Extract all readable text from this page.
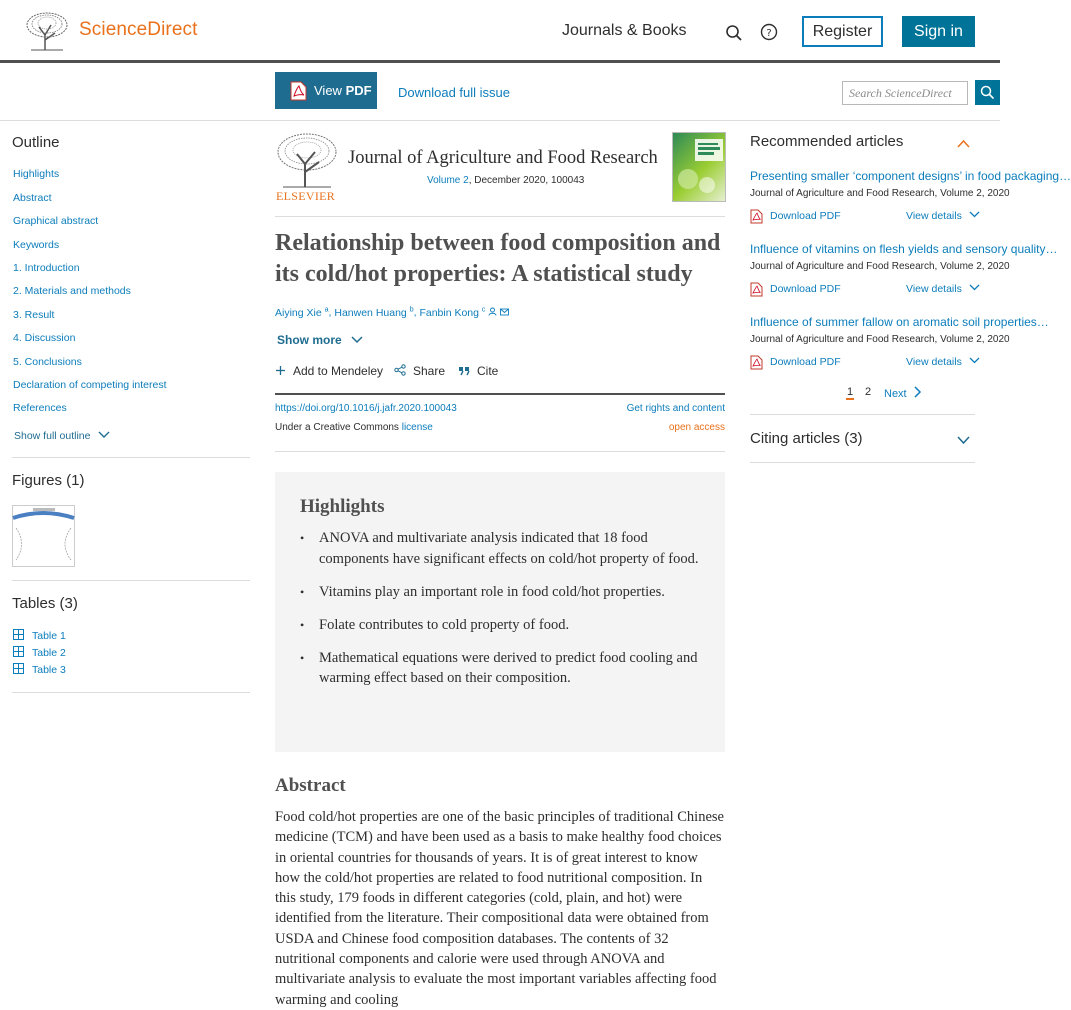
ScienceDirect	Journals & Books	?	Register	Sign in
View PDF Download full issue	Search ScienceDirect
Outline
Highlights
Abstract
Graphical abstract
Keywords
1. Introduction
2. Materials and methods
3. Result
4. Discussion
5. Conclusions
Declaration of competing interest
References
Show full outline
Figures (1)
Tables (3)
Table 1
Table 2
Table 3
ELSEVIER
Journal of Agriculture and Food Research
Volume 2, December 2020, 100043
Relationship between food composition and its cold/hot properties: A statistical study
Aiying Xie $^a$, Hanwen Huang $^b$, Fanbin Kong $^c$
Show more
Add to Mendeley	Share	Cite
https://doi.org/10.1016/j.jafr.2020.100043
Under a Creative Commons license
Get rights and content
open access
Highlights
• ANOVA and multivariate analysis indicated that 18 food components have significant effects on cold/hot property of food.
• Vitamins play an important role in food cold/hot properties.
• Folate contributes to cold property of food.
• Mathematical equations were derived to predict food cooling and warming effect based on their composition.
Abstract

Food cold/hot properties are one of the basic principles of traditional Chinese medicine (TCM) and have been used as a basis to make healthy food choices in oriental countries for thousands of years. It is of great interest to know how the cold/hot properties are related to food nutritional composition. In this study, 179 foods in different categories (cold, plain, and hot) were identified from the literature. Their compositional data were obtained from USDA and Chinese food composition databases. The contents of 32 nutritional components and calorie were used through ANOVA and multivariate analysis to evaluate the most important variables affecting food warming and cooling

Recommended articles
Presenting smaller ‘component designs’ in food packaging…
Journal of Agriculture and Food Research, Volume 2, 2020
Download PDF	View details
Influence of vitamins on flesh yields and sensory quality…
Journal of Agriculture and Food Research, Volume 2, 2020
Download PDF	View details
Influence of summer fallow on aromatic soil properties…
Journal of Agriculture and Food Research, Volume 2, 2020
Download PDF	View details
1 2 Next
Citing articles (3)
